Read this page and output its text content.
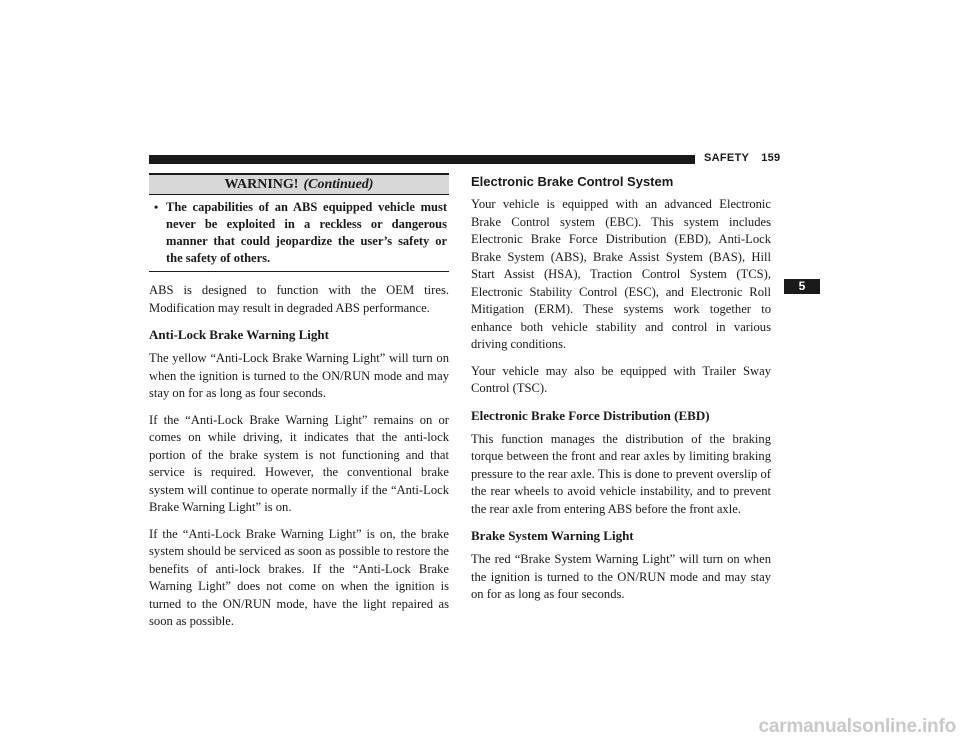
SAFETY 159
5
WARNING! (Continued)
• The capabilities of an ABS equipped vehicle must never be exploited in a reckless or dangerous manner that could jeopardize the user’s safety or the safety of others.

ABS is designed to function with the OEM tires. Modification may result in degraded ABS performance.

Anti-Lock Brake Warning Light

The yellow “Anti-Lock Brake Warning Light” will turn on when the ignition is turned to the ON/RUN mode and may stay on for as long as four seconds.

If the “Anti-Lock Brake Warning Light” remains on or comes on while driving, it indicates that the anti-lock portion of the brake system is not functioning and that service is required. However, the conventional brake system will continue to operate normally if the “Anti-Lock Brake Warning Light” is on.

If the “Anti-Lock Brake Warning Light” is on, the brake system should be serviced as soon as possible to restore the benefits of anti-lock brakes. If the “Anti-Lock Brake Warning Light” does not come on when the ignition is turned to the ON/RUN mode, have the light repaired as soon as possible.

Electronic Brake Control System

Your vehicle is equipped with an advanced Electronic Brake Control system (EBC). This system includes Electronic Brake Force Distribution (EBD), Anti-Lock Brake System (ABS), Brake Assist System (BAS), Hill Start Assist (HSA), Traction Control System (TCS), Electronic Stability Control (ESC), and Electronic Roll Mitigation (ERM). These systems work together to enhance both vehicle stability and control in various driving conditions.

Your vehicle may also be equipped with Trailer Sway Control (TSC).

Electronic Brake Force Distribution (EBD)

This function manages the distribution of the braking torque between the front and rear axles by limiting braking pressure to the rear axle. This is done to prevent overslip of the rear wheels to avoid vehicle instability, and to prevent the rear axle from entering ABS before the front axle.

Brake System Warning Light

The red “Brake System Warning Light” will turn on when the ignition is turned to the ON/RUN mode and may stay on for as long as four seconds.

carmanualsonline.info
